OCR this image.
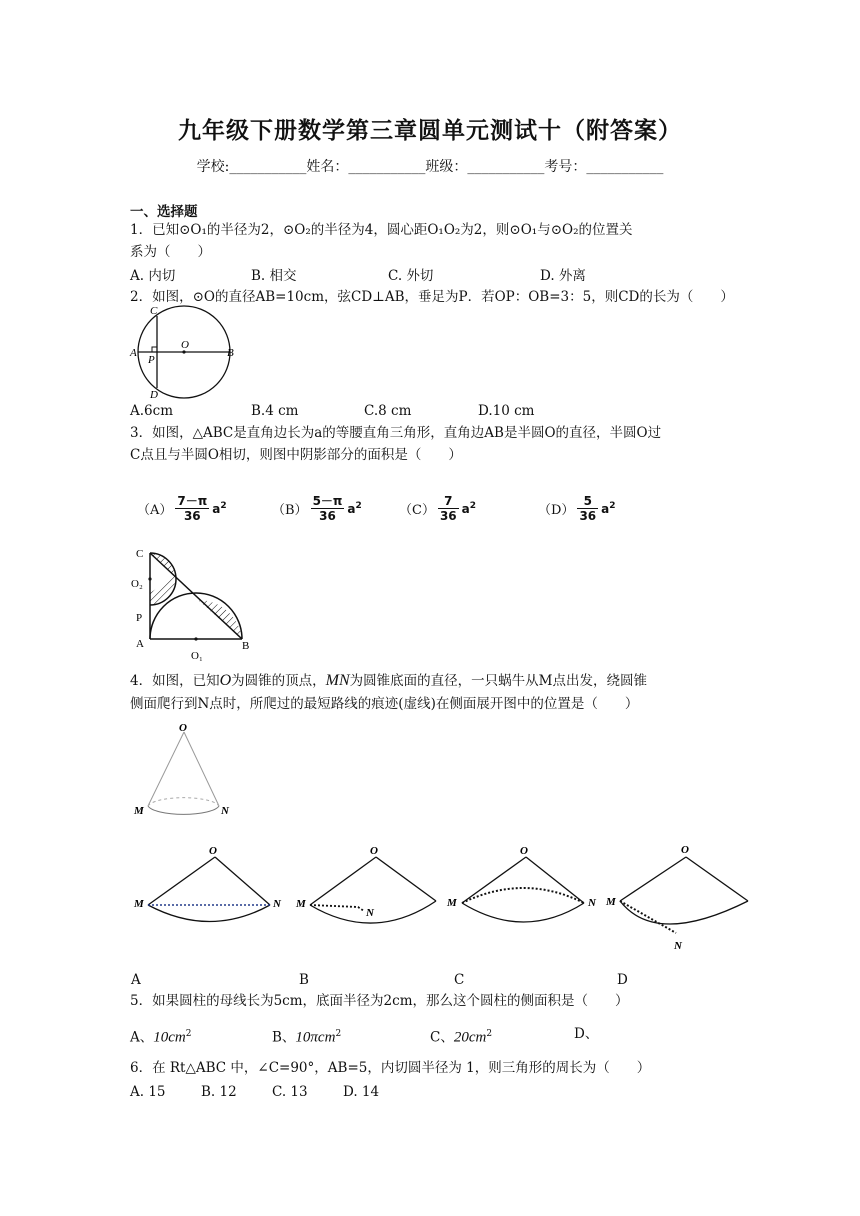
九年级下册数学第三章圆单元测试十（附答案）
学校:___________姓名：___________班级：___________考号：___________
一、选择题
1．已知⊙O₁的半径为2，⊙O₂的半径为4，圆心距O₁O₂为2，则⊙O₁与⊙O₂的位置关
系为（　　）
A. 内切	B. 相交	C. 外切	D. 外离
2．如图，⊙O的直径AB=10cm，弦CD⊥AB，垂足为P．若OP：OB=3：5，则CD的长为（　　）
C
O
A
P
B
D
A.6cm	B.4 cm	C.8 cm	D.10 cm
3．如图，△ABC是直角边长为a的等腰直角三角形，直角边AB是半圆O的直径，半圆O过
C点且与半圆O相切，则图中阴影部分的面积是（　　）
$(A) \frac{7-\pi}{36} a^2$	$(B) \frac{5-\pi}{36} a^2$	$(C) \frac{7}{36} a^2$	$(D) \frac{5}{36} a^2$
C
O₂
P
A
O₁
B
4．如图，已知O为圆锥的顶点，MN为圆锥底面的直径，一只蜗牛从M点出发，绕圆锥
侧面爬行到N点时，所爬过的最短路线的痕迹(虚线)在侧面展开图中的位置是（　　）
O
M	N
O
M	N
O
M
N
O
M	N
O
M
N
A	B	C	D
5．如果圆柱的母线长为5cm，底面半径为2cm，那么这个圆柱的侧面积是（　　）
A、$10cm^2$	B、10πcm$^2$	C、$20cm^2$	D、
6．在 Rt△ABC 中，∠C=90°，AB=5，内切圆半径为 1，则三角形的周长为（　　）
A. 15	B. 12	C. 13	D. 14
